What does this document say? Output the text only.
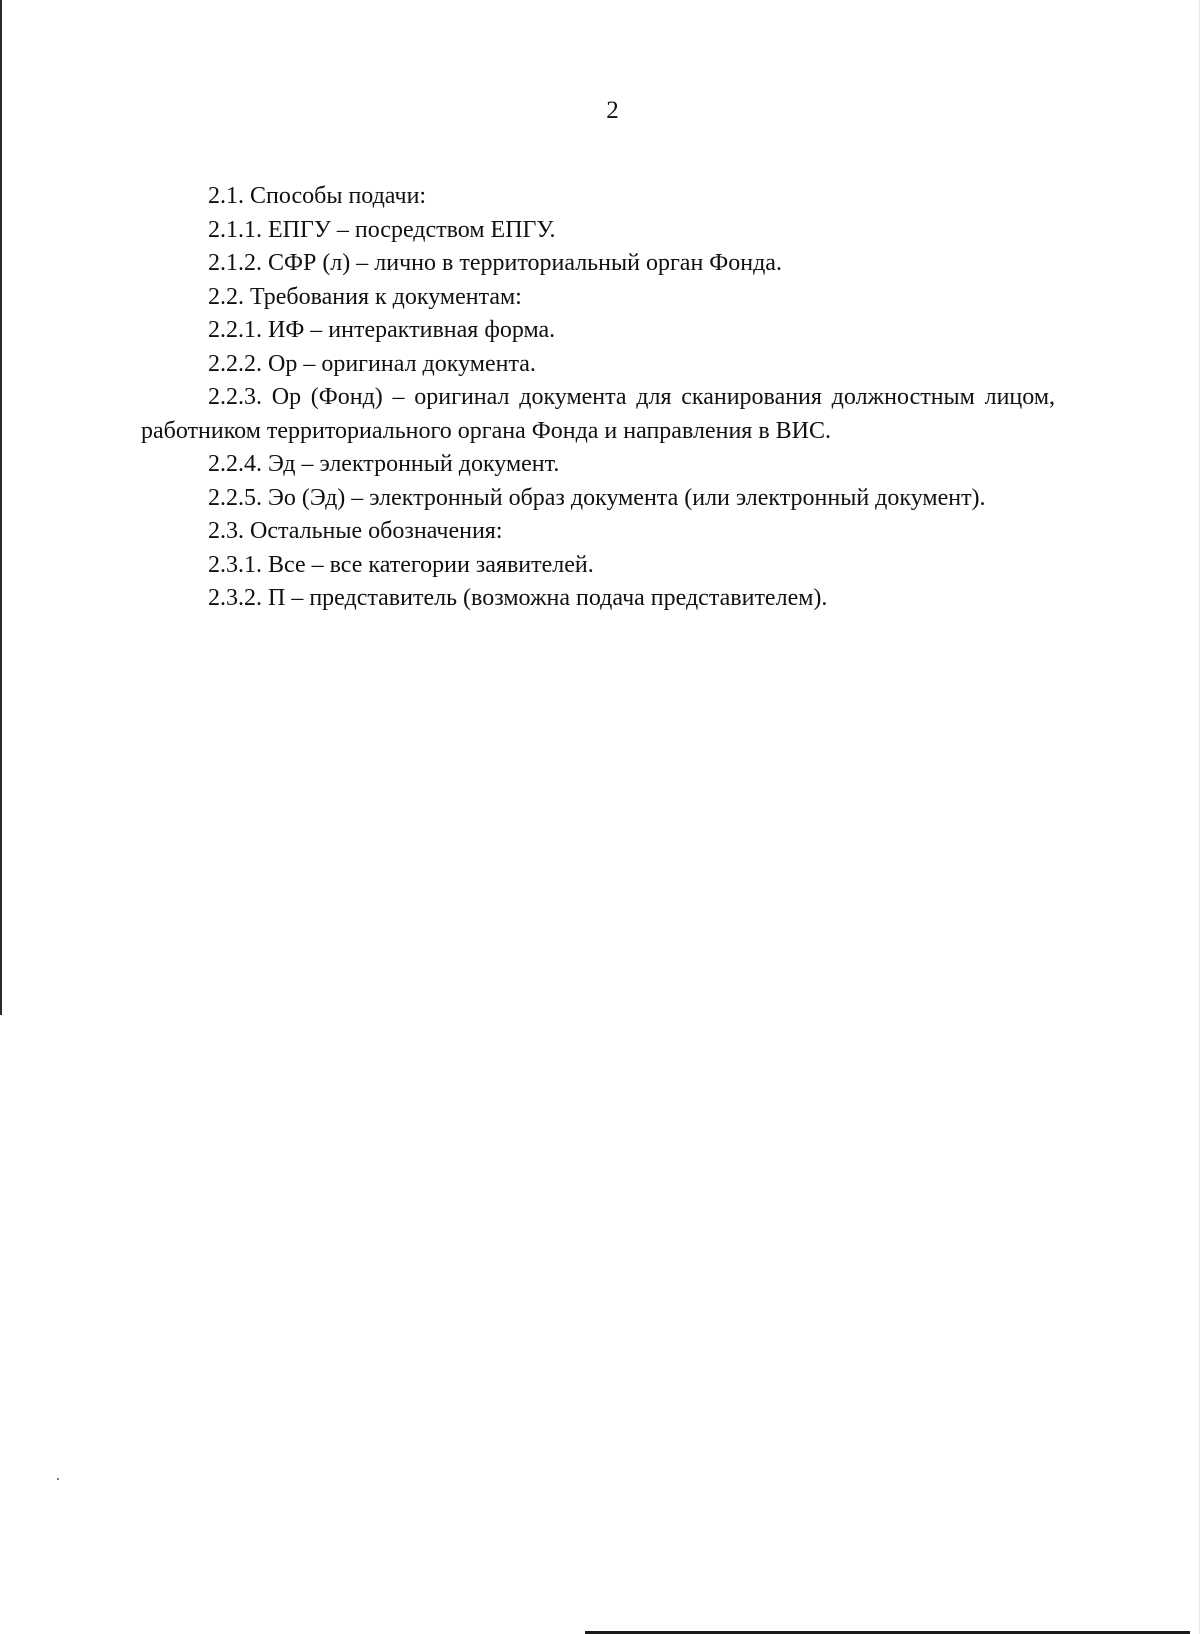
2

2.1. Способы подачи:

2.1.1. ЕПГУ – посредством ЕПГУ.

2.1.2. СФР (л) – лично в территориальный орган Фонда.

2.2. Требования к документам:

2.2.1. ИФ – интерактивная форма.

2.2.2. Ор – оригинал документа.

2.2.3. Ор (Фонд) – оригинал документа для сканирования должностным лицом, работником территориального органа Фонда и направления в ВИС.

2.2.4. Эд – электронный документ.

2.2.5. Эо (Эд) – электронный образ документа (или электронный документ).

2.3. Остальные обозначения:

2.3.1. Все – все категории заявителей.

2.3.2. П – представитель (возможна подача представителем).
